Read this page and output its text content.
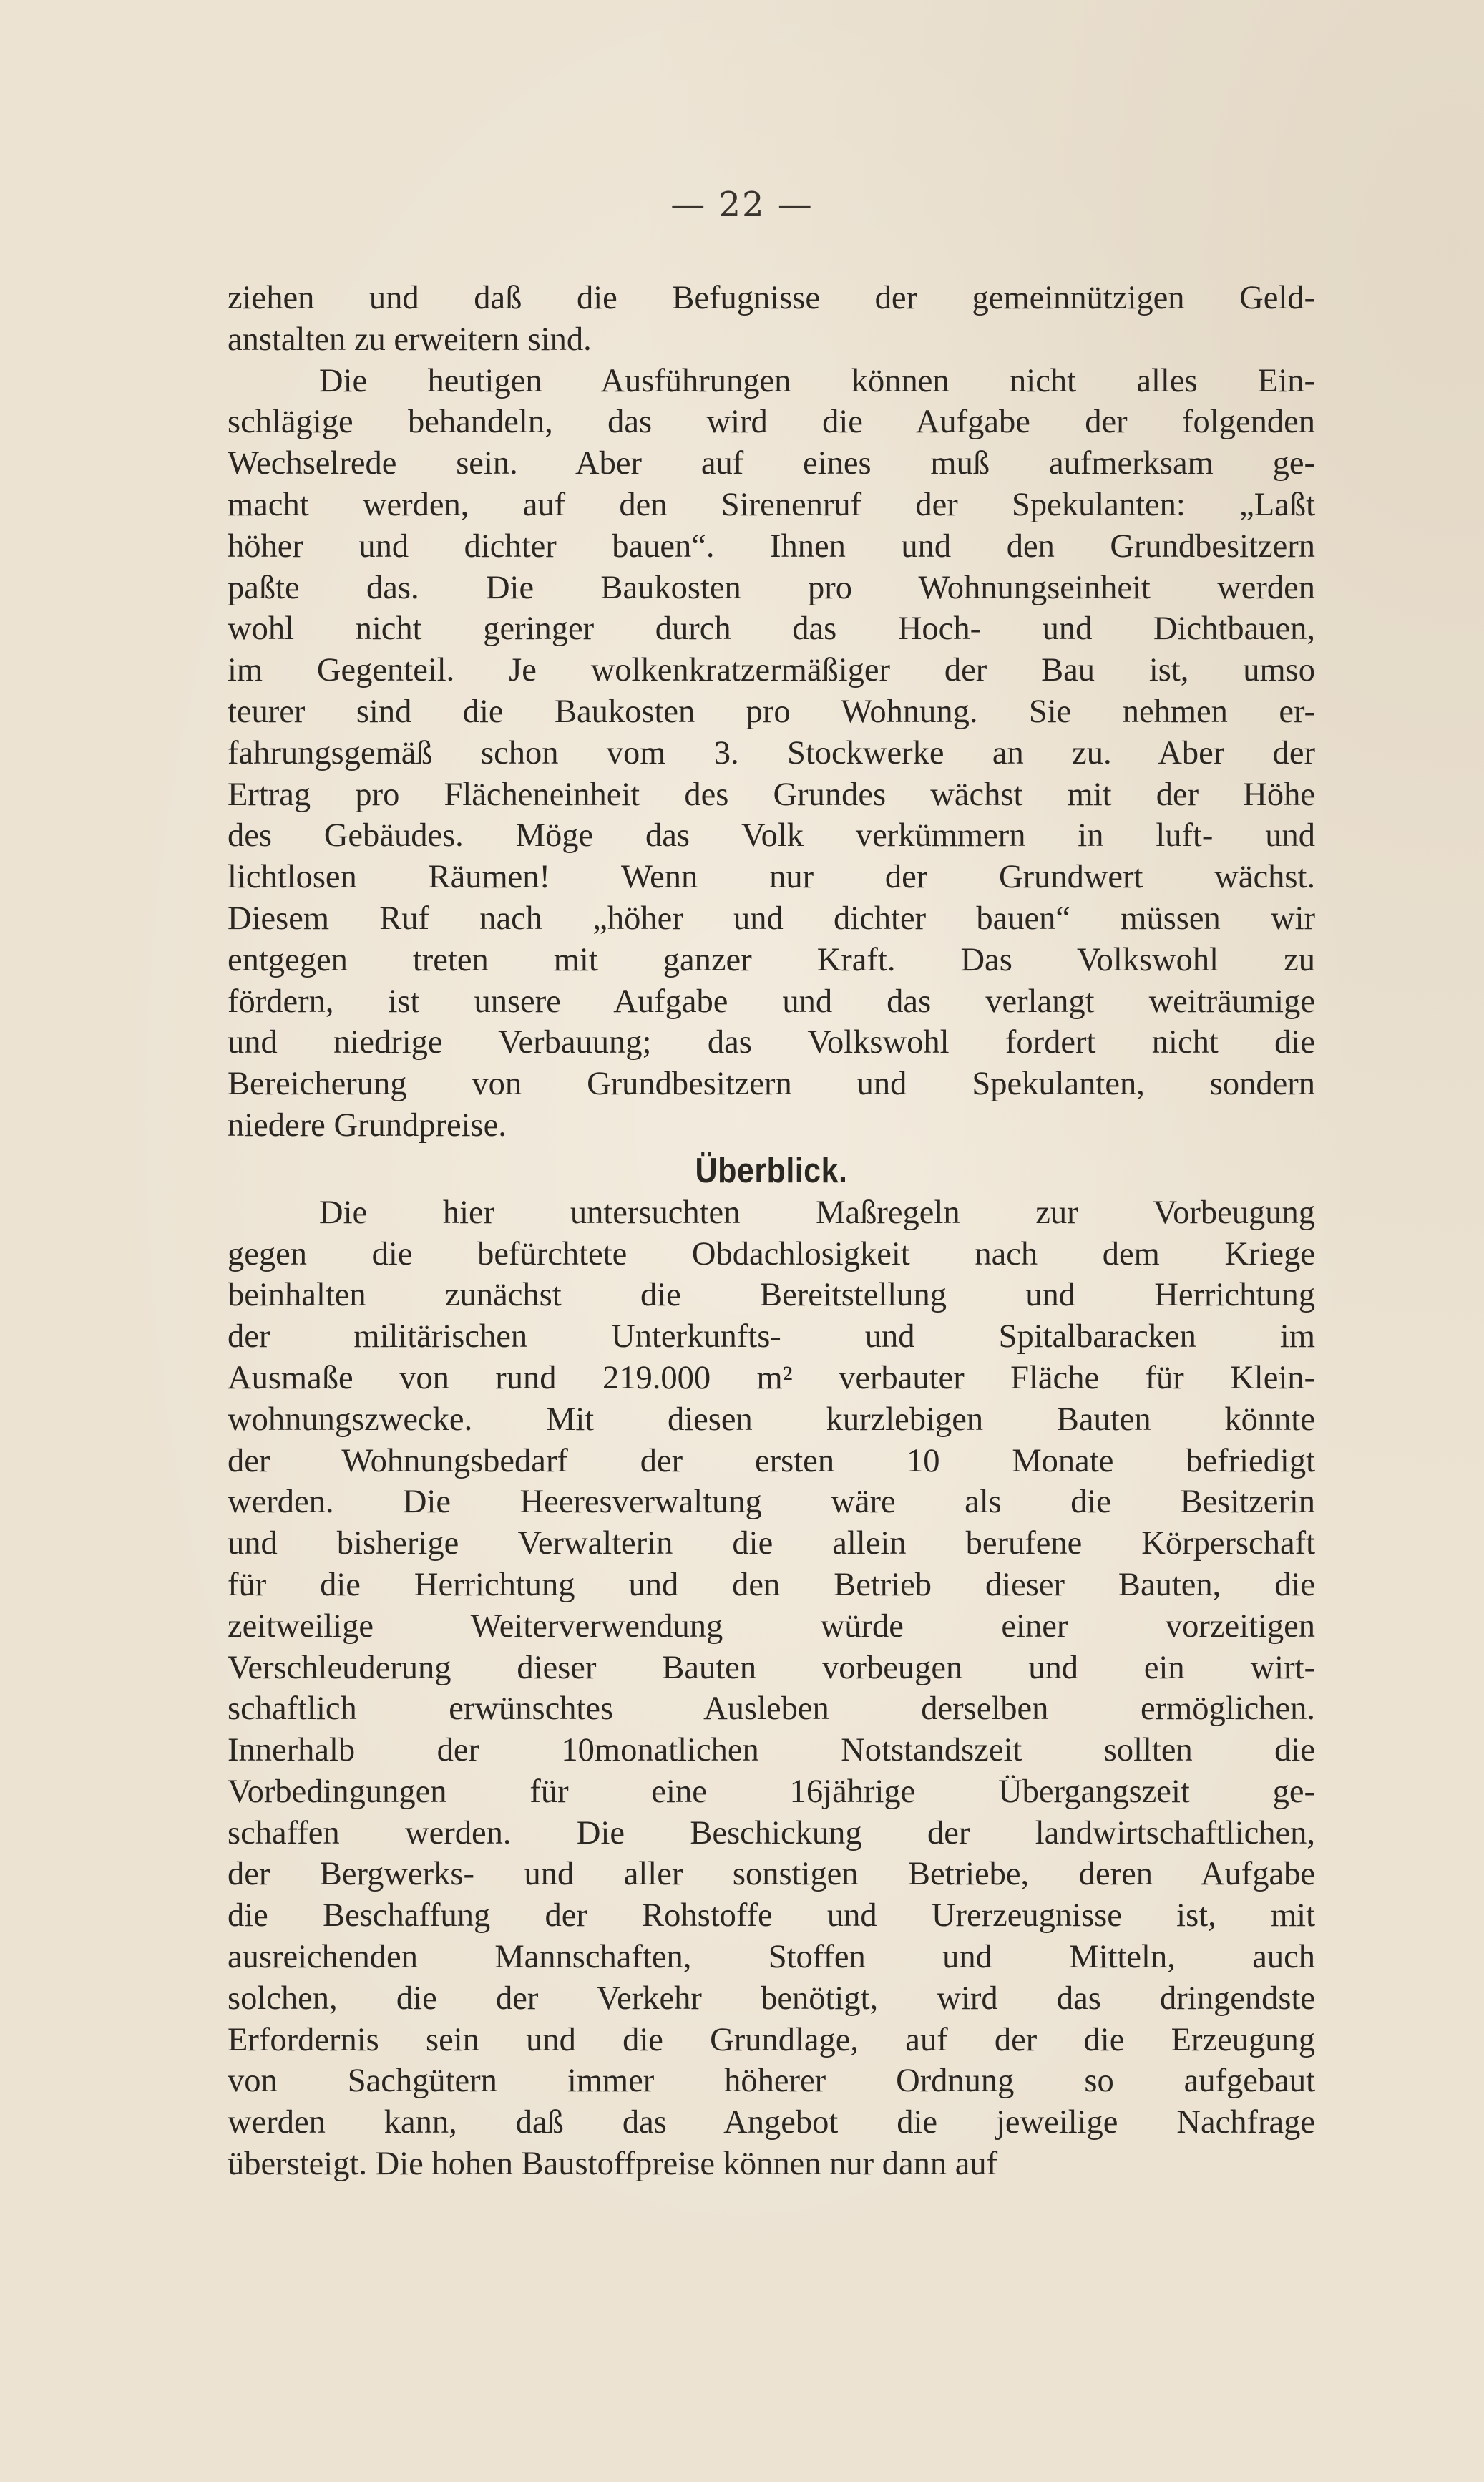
— 22 —
ziehen und daß die Befugnisse der gemeinnützigen Geld-
anstalten zu erweitern sind.
Die heutigen Ausführungen können nicht alles Ein-
schlägige behandeln, das wird die Aufgabe der folgenden
Wechselrede sein. Aber auf eines muß aufmerksam ge-
macht werden, auf den Sirenenruf der Spekulanten: „Laßt
höher und dichter bauen“. Ihnen und den Grundbesitzern
paßte das. Die Baukosten pro Wohnungseinheit werden
wohl nicht geringer durch das Hoch- und Dichtbauen,
im Gegenteil. Je wolkenkratzermäßiger der Bau ist, umso
teurer sind die Baukosten pro Wohnung. Sie nehmen er-
fahrungsgemäß schon vom 3. Stockwerke an zu. Aber der
Ertrag pro Flächeneinheit des Grundes wächst mit der Höhe
des Gebäudes. Möge das Volk verkümmern in luft- und
lichtlosen Räumen! Wenn nur der Grundwert wächst.
Diesem Ruf nach „höher und dichter bauen“ müssen wir
entgegen treten mit ganzer Kraft. Das Volkswohl zu
fördern, ist unsere Aufgabe und das verlangt weiträumige
und niedrige Verbauung; das Volkswohl fordert nicht die
Bereicherung von Grundbesitzern und Spekulanten, sondern
niedere Grundpreise.
Überblick.
Die hier untersuchten Maßregeln zur Vorbeugung
gegen die befürchtete Obdachlosigkeit nach dem Kriege
beinhalten zunächst die Bereitstellung und Herrichtung
der militärischen Unterkunfts- und Spitalbaracken im
Ausmaße von rund 219.000 m² verbauter Fläche für Klein-
wohnungszwecke. Mit diesen kurzlebigen Bauten könnte
der Wohnungsbedarf der ersten 10 Monate befriedigt
werden. Die Heeresverwaltung wäre als die Besitzerin
und bisherige Verwalterin die allein berufene Körperschaft
für die Herrichtung und den Betrieb dieser Bauten, die
zeitweilige Weiterverwendung würde einer vorzeitigen
Verschleuderung dieser Bauten vorbeugen und ein wirt-
schaftlich erwünschtes Ausleben derselben ermöglichen.
Innerhalb der 10monatlichen Notstandszeit sollten die
Vorbedingungen für eine 16jährige Übergangszeit ge-
schaffen werden. Die Beschickung der landwirtschaftlichen,
der Bergwerks- und aller sonstigen Betriebe, deren Aufgabe
die Beschaffung der Rohstoffe und Urerzeugnisse ist, mit
ausreichenden Mannschaften, Stoffen und Mitteln, auch
solchen, die der Verkehr benötigt, wird das dringendste
Erfordernis sein und die Grundlage, auf der die Erzeugung
von Sachgütern immer höherer Ordnung so aufgebaut
werden kann, daß das Angebot die jeweilige Nachfrage
übersteigt. Die hohen Baustoffpreise können nur dann auf
